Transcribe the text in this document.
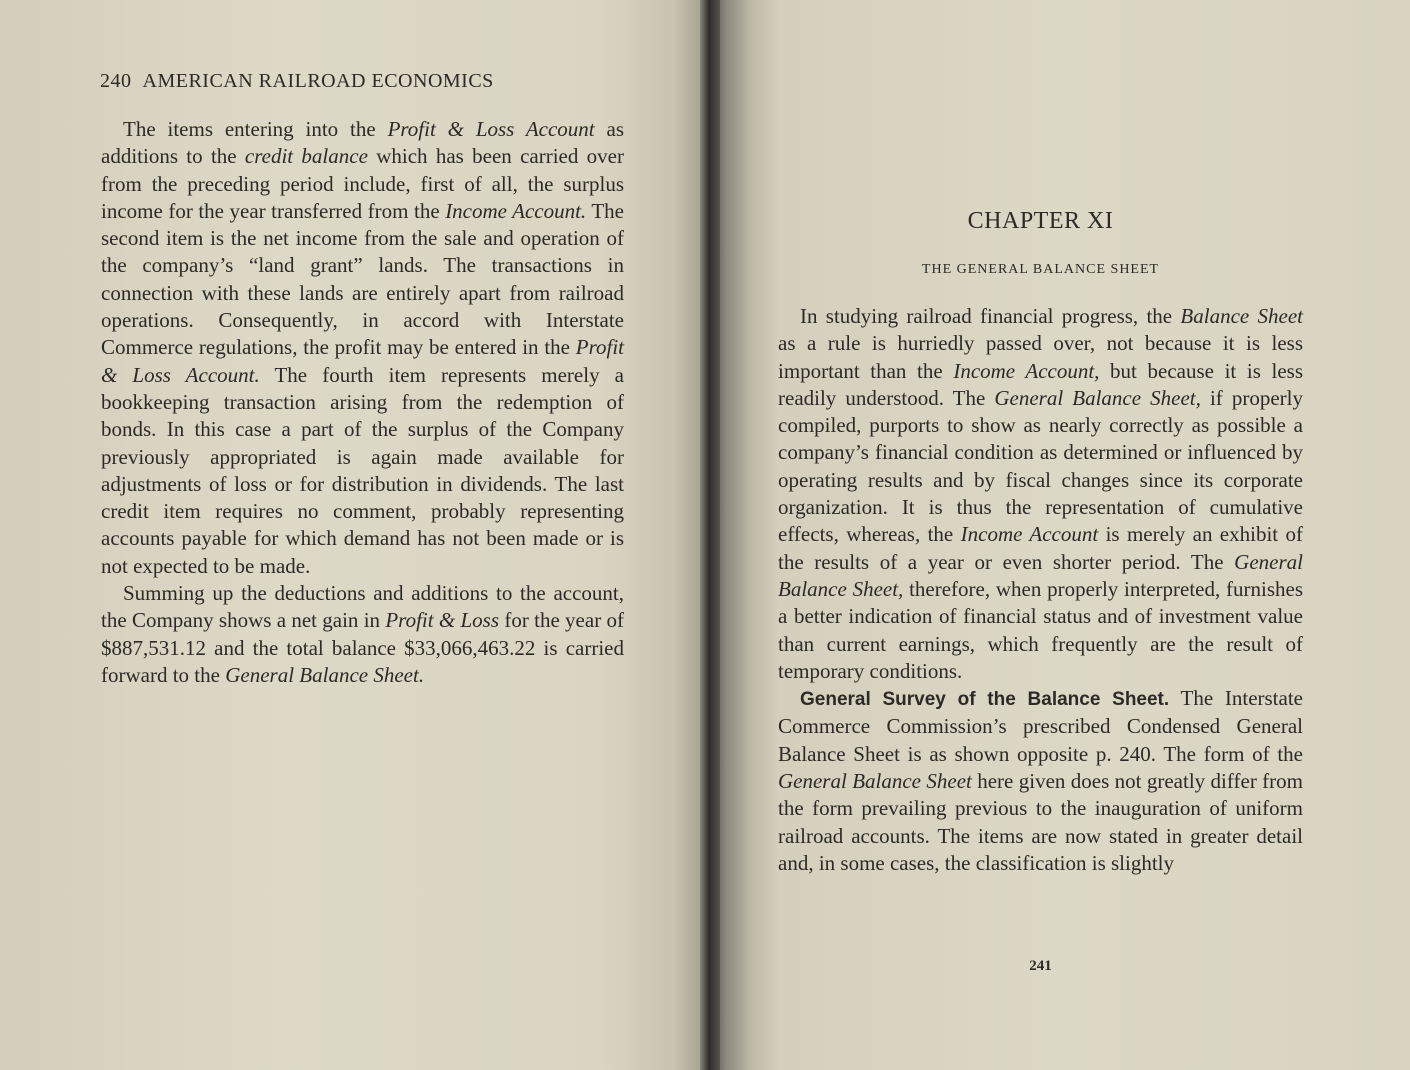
240 AMERICAN RAILROAD ECONOMICS

The items entering into the Profit & Loss Account as additions to the credit balance which has been carried over from the preceding period include, first of all, the surplus income for the year transferred from the Income Account. The second item is the net income from the sale and operation of the company’s “land grant” lands. The transactions in connection with these lands are entirely apart from railroad operations. Consequently, in accord with Interstate Commerce regulations, the profit may be entered in the Profit & Loss Account. The fourth item represents merely a bookkeeping transaction arising from the redemption of bonds. In this case a part of the surplus of the Company previously appropriated is again made available for adjustments of loss or for distribution in dividends. The last credit item requires no comment, probably representing accounts payable for which demand has not been made or is not expected to be made.

Summing up the deductions and additions to the account, the Company shows a net gain in Profit & Loss for the year of $887,531.12 and the total balance $33,066,463.22 is carried forward to the General Balance Sheet.

CHAPTER XI
THE GENERAL BALANCE SHEET

In studying railroad financial progress, the Balance Sheet as a rule is hurriedly passed over, not because it is less important than the Income Account, but because it is less readily understood. The General Balance Sheet, if properly compiled, purports to show as nearly correctly as possible a company’s financial condition as determined or influenced by operating results and by fiscal changes since its corporate organization. It is thus the representation of cumulative effects, whereas, the Income Account is merely an exhibit of the results of a year or even shorter period. The General Balance Sheet, therefore, when properly interpreted, furnishes a better indication of financial status and of investment value than current earnings, which frequently are the result of temporary conditions.

General Survey of the Balance Sheet. The Interstate Commerce Commission’s prescribed Condensed General Balance Sheet is as shown opposite p. 240. The form of the General Balance Sheet here given does not greatly differ from the form prevailing previous to the inauguration of uniform railroad accounts. The items are now stated in greater detail and, in some cases, the classification is slightly

241
